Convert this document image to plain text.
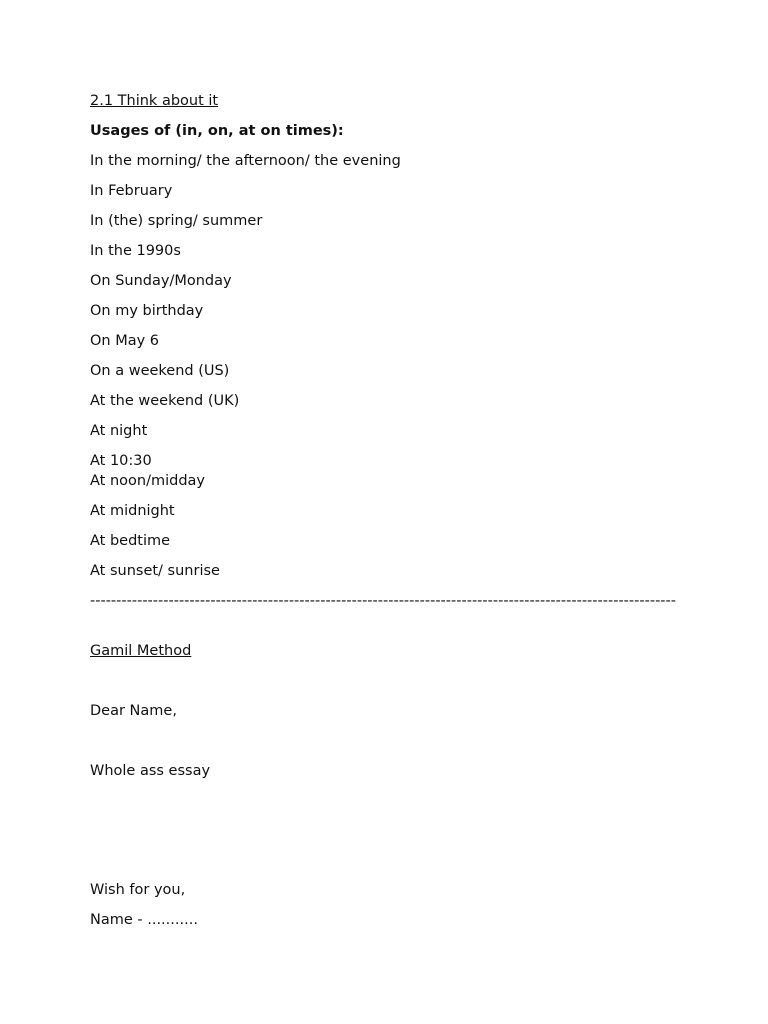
2.1 Think about it
Usages of (in, on, at on times):
In the morning/ the afternoon/ the evening
In February
In (the) spring/ summer
In the 1990s
On Sunday/Monday
On my birthday
On May 6
On a weekend (US)
At the weekend (UK)
At night
At 10:30
At noon/midday
At midnight
At bedtime
At sunset/ sunrise
----------------------------------------------------------------------------------------------------------------
Gamil Method
Dear Name,
Whole ass essay
Wish for you,
Name - ...........
